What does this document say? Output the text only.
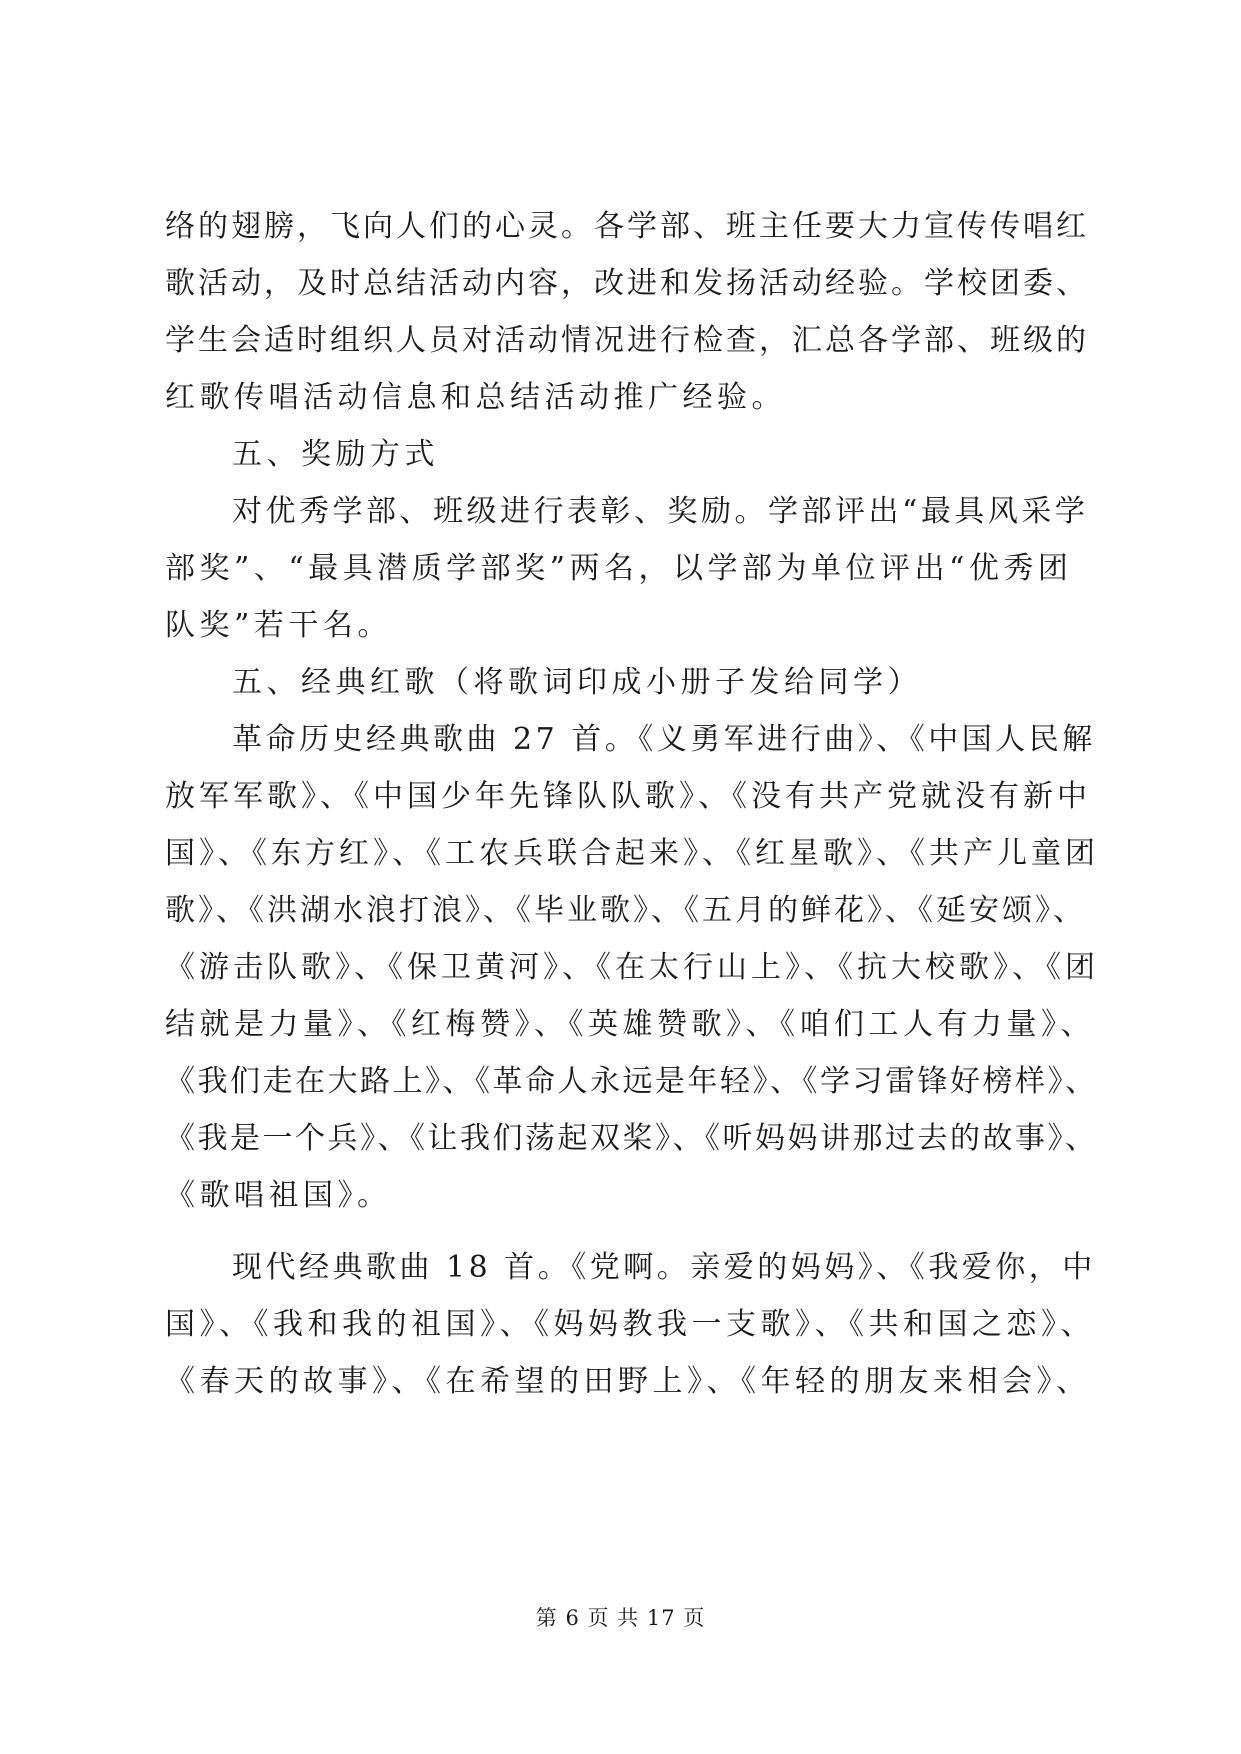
络的翅膀，飞向人们的心灵。各学部、班主任要大力宣传传唱红
歌活动，及时总结活动内容，改进和发扬活动经验。学校团委、
学生会适时组织人员对活动情况进行检查，汇总各学部、班级的
红歌传唱活动信息和总结活动推广经验。
五、奖励方式
对优秀学部、班级进行表彰、奖励。学部评出“最具风采学
部奖”、“最具潜质学部奖”两名，以学部为单位评出“优秀团
队奖”若干名。
五、经典红歌（将歌词印成小册子发给同学）
革命历史经典歌曲 27 首。《义勇军进行曲》、《中国人民解
放军军歌》、《中国少年先锋队队歌》、《没有共产党就没有新中
国》、《东方红》、《工农兵联合起来》、《红星歌》、《共产儿童团
歌》、《洪湖水浪打浪》、《毕业歌》、《五月的鲜花》、《延安颂》、
《游击队歌》、《保卫黄河》、《在太行山上》、《抗大校歌》、《团
结就是力量》、《红梅赞》、《英雄赞歌》、《咱们工人有力量》、
《我们走在大路上》、《革命人永远是年轻》、《学习雷锋好榜样》、
《我是一个兵》、《让我们荡起双桨》、《听妈妈讲那过去的故事》、
《歌唱祖国》。
现代经典歌曲 18 首。《党啊。亲爱的妈妈》、《我爱你，中
国》、《我和我的祖国》、《妈妈教我一支歌》、《共和国之恋》、
《春天的故事》、《在希望的田野上》、《年轻的朋友来相会》、
第 6 页 共 17 页
